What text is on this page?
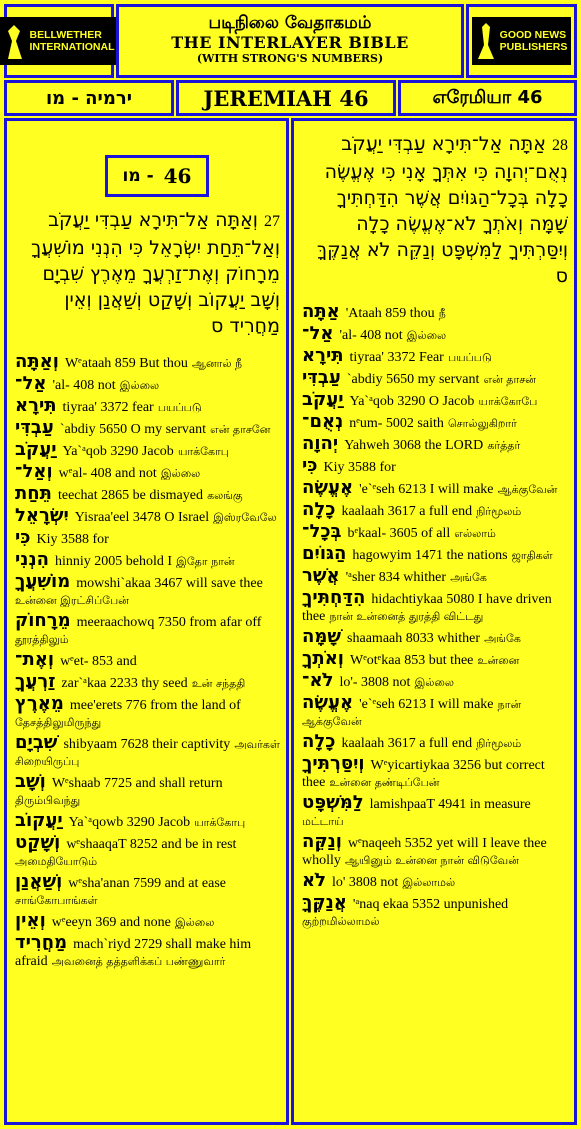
BELLWETHER
INTERNATIONAL
படிநிலை வேதாகமம்
THE INTERLAYER BIBLE
(WITH STRONG'S NUMBERS)
GOOD NEWS
PUBLISHERS
ירמיה - מו	JEREMIAH 46	எரேமியா 46
מו - 46
27 וְאַתָּה אַל־תִּירָא עַבְדִּי יַעֲקֹב וְאַל־תֵּחַת יִשְׂרָאֵל כִּי הִנְנִי מוֹשִׁעֲךָ מֵרָחוֹק וְאֶת־זַרְעֲךָ מֵאֶרֶץ שִׁבְיָם וְשָׁב יַעֲקוֹב וְשָׁקַט וְשַׁאֲנַן וְאֵין מַחֲרִיד ס
וְאַתָּה Wᵉataah 859 But thou ஆனால் நீ
אַל־ 'al- 408 not இல்லை
תִּירָא tiyraa' 3372 fear பயப்படு
עַבְדִּי `abdiy 5650 O my servant என் தாசனே
יַעֲקֹב Ya`ᵃqob 3290 Jacob யாக்கோபு
וְאַל־ wᵉal- 408 and not இல்லை
תֵּחַת teechat 2865 be dismayed கலங்கு
יִשְׂרָאֵל Yisraa'eel 3478 O Israel இஸ்ரவேலே
כִּי Kiy 3588 for
הִנְנִי hinniy 2005 behold I இதோ நான்
מוֹשִׁעֲךָ mowshi`akaa 3467 will save thee உன்னை இரட்சிப்பேன்
מֵרָחוֹק meeraachowq 7350 from afar off தூரத்திலும்
וְאֶת־ wᵉet- 853 and
זַרְעֲךָ zar`ᵃkaa 2233 thy seed உன் சந்ததி
מֵאֶרֶץ mee'erets 776 from the land of தேசத்திலுமிருந்து
שִׁבְיָם shibyaam 7628 their captivity அவர்கள் சிறையிருப்பு
וְשָׁב Wᵉshaab 7725 and shall return திரும்பிவந்து
יַעֲקוֹב Ya`ᵃqowb 3290 Jacob யாக்கோபு
וְשָׁקַט wᵉshaaqaT 8252 and be in rest அமைதியோடும்
וְשַׁאֲנַן wᵉsha'anan 7599 and at ease சாங்கோபாங்கள்
וְאֵין wᵉeeyn 369 and none இல்லை
מַחֲרִיד mach`riyd 2729 shall make him afraid அவனைத் தத்தளிக்கப் பண்ணுவார்
28 אַתָּה אַל־תִּירָא עַבְדִּי יַעֲקֹב נְאֻם־יְהוָה כִּי אִתְּךָ אָנִי כִּי אֶעֱשֶׂה כָלָה בְּכָל־הַגּוֹיִם אֲשֶׁר הִדַּחְתִּיךָ שָׁמָּה וְאֹתְךָ לֹא־אֶעֱשֶׂה כָלָה וְיִסַּרְתִּיךָ לַמִּשְׁפָּט וְנַקֵּה לֹא אֲנַקֶּךָּ ס
אַתָּה 'Ataah 859 thou நீ
אַל־ 'al- 408 not இல்லை
תִּירָא tiyraa' 3372 Fear பயப்படு
עַבְדִּי `abdiy 5650 my servant என் தாசன்
יַעֲקֹב Ya`ᵃqob 3290 O Jacob யாக்கோபே
נְאֻם־ nᵉum- 5002 saith சொல்லுகிறார்
יְהוָה Yahweh 3068 the LORD கர்த்தர்
כִּי Kiy 3588 for
אֶעֱשֶׂה 'e`ᵉseh 6213 I will make ஆக்குவேன்
כָלָה kaalaah 3617 a full end நிர்மூலம்
בְּכָל־ bᵉkaal- 3605 of all எல்லாம்
הַגּוֹיִם hagowyim 1471 the nations ஜாதிகள்
אֲשֶׁר 'ᵃsher 834 whither அங்கே
הִדַּחְתִּיךָ hidachtiykaa 5080 I have driven thee நான் உன்னைத் துரத்தி விட்டது
שָׁמָּה shaamaah 8033 whither அங்கே
וְאֹתְךָ Wᵉotᵉkaa 853 but thee உன்னை
לֹא־ lo'- 3808 not இல்லை
אֶעֱשֶׂה 'e`ᵉseh 6213 I will make நான் ஆக்குவேன்
כָלָה kaalaah 3617 a full end நிர்மூலம்
וְיִסַּרְתִּיךָ Wᵉyicartiykaa 3256 but correct thee உன்னை தண்டிப்பேன்
לַמִּשְׁפָּט lamishpaaT 4941 in measure மட்டாய்
וְנַקֵּה wᵉnaqeeh 5352 yet will I leave thee wholly ஆயினும் உன்னை நான் விடுவேன்
לֹא lo' 3808 not இல்லாமல்
אֲנַקֶּךָּ 'ᵃnaq ekaa 5352 unpunished குற்றமில்லாமல்
